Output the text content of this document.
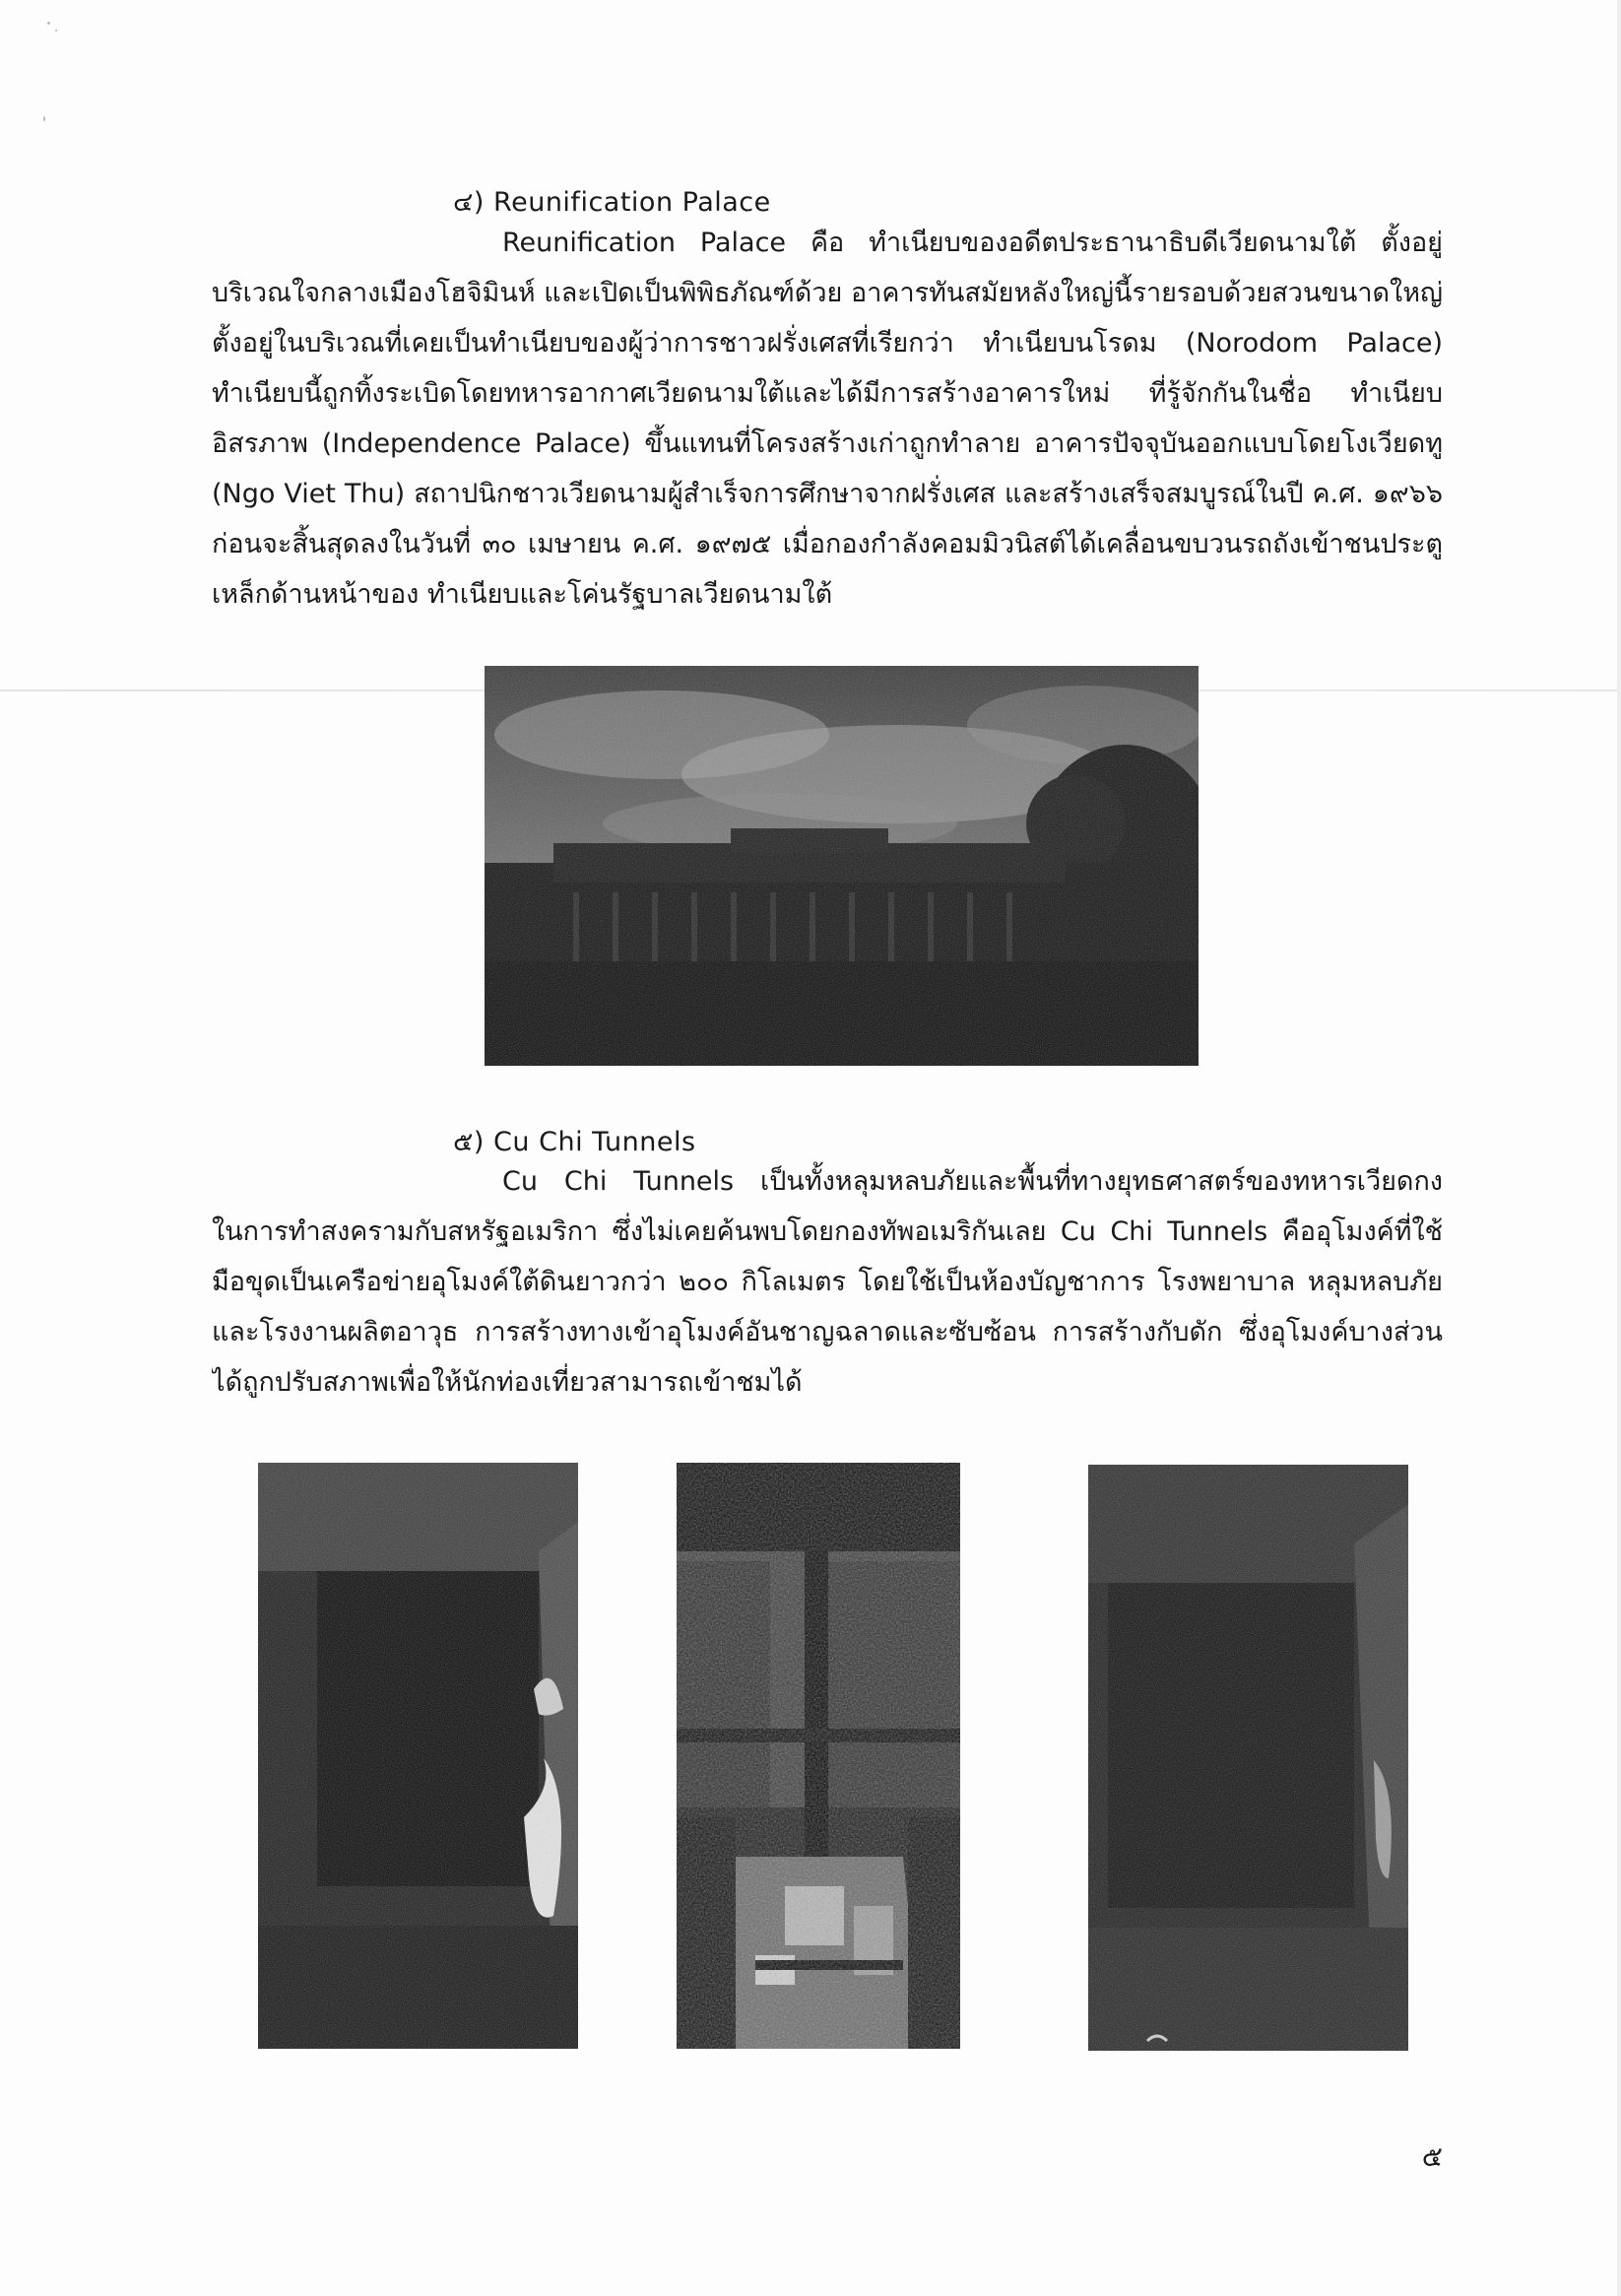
๔) Reunification Palace
Reunification Palace คือ ทำเนียบของอดีตประธานาธิบดีเวียดนามใต้ ตั้งอยู่
บริเวณใจกลางเมืองโฮจิมินห์ และเปิดเป็นพิพิธภัณฑ์ด้วย อาคารทันสมัยหลังใหญ่นี้รายรอบด้วยสวนขนาดใหญ่
ตั้งอยู่ในบริเวณที่เคยเป็นทำเนียบของผู้ว่าการชาวฝรั่งเศสที่เรียกว่า ทำเนียบนโรดม (Norodom Palace)
ทำเนียบนี้ถูกทิ้งระเบิดโดยทหารอากาศเวียดนามใต้และได้มีการสร้างอาคารใหม่ ที่รู้จักกันในชื่อ ทำเนียบ
อิสรภาพ (Independence Palace) ขึ้นแทนที่โครงสร้างเก่าถูกทำลาย อาคารปัจจุบันออกแบบโดยโงเวียดทู
(Ngo Viet Thu) สถาปนิกชาวเวียดนามผู้สำเร็จการศึกษาจากฝรั่งเศส และสร้างเสร็จสมบูรณ์ในปี ค.ศ. ๑๙๖๖
ก่อนจะสิ้นสุดลงในวันที่ ๓๐ เมษายน ค.ศ. ๑๙๗๕ เมื่อกองกำลังคอมมิวนิสต์ได้เคลื่อนขบวนรถถังเข้าชนประตู
เหล็กด้านหน้าของ ทำเนียบและโค่นรัฐบาลเวียดนามใต้
๕) Cu Chi Tunnels
Cu Chi Tunnels เป็นทั้งหลุมหลบภัยและพื้นที่ทางยุทธศาสตร์ของทหารเวียดกง
ในการทำสงครามกับสหรัฐอเมริกา ซึ่งไม่เคยค้นพบโดยกองทัพอเมริกันเลย Cu Chi Tunnels คืออุโมงค์ที่ใช้
มือขุดเป็นเครือข่ายอุโมงค์ใต้ดินยาวกว่า ๒๐๐ กิโลเมตร โดยใช้เป็นห้องบัญชาการ โรงพยาบาล หลุมหลบภัย
และโรงงานผลิตอาวุธ การสร้างทางเข้าอุโมงค์อันชาญฉลาดและซับซ้อน การสร้างกับดัก ซึ่งอุโมงค์บางส่วน
ได้ถูกปรับสภาพเพื่อให้นักท่องเที่ยวสามารถเข้าชมได้
๕
